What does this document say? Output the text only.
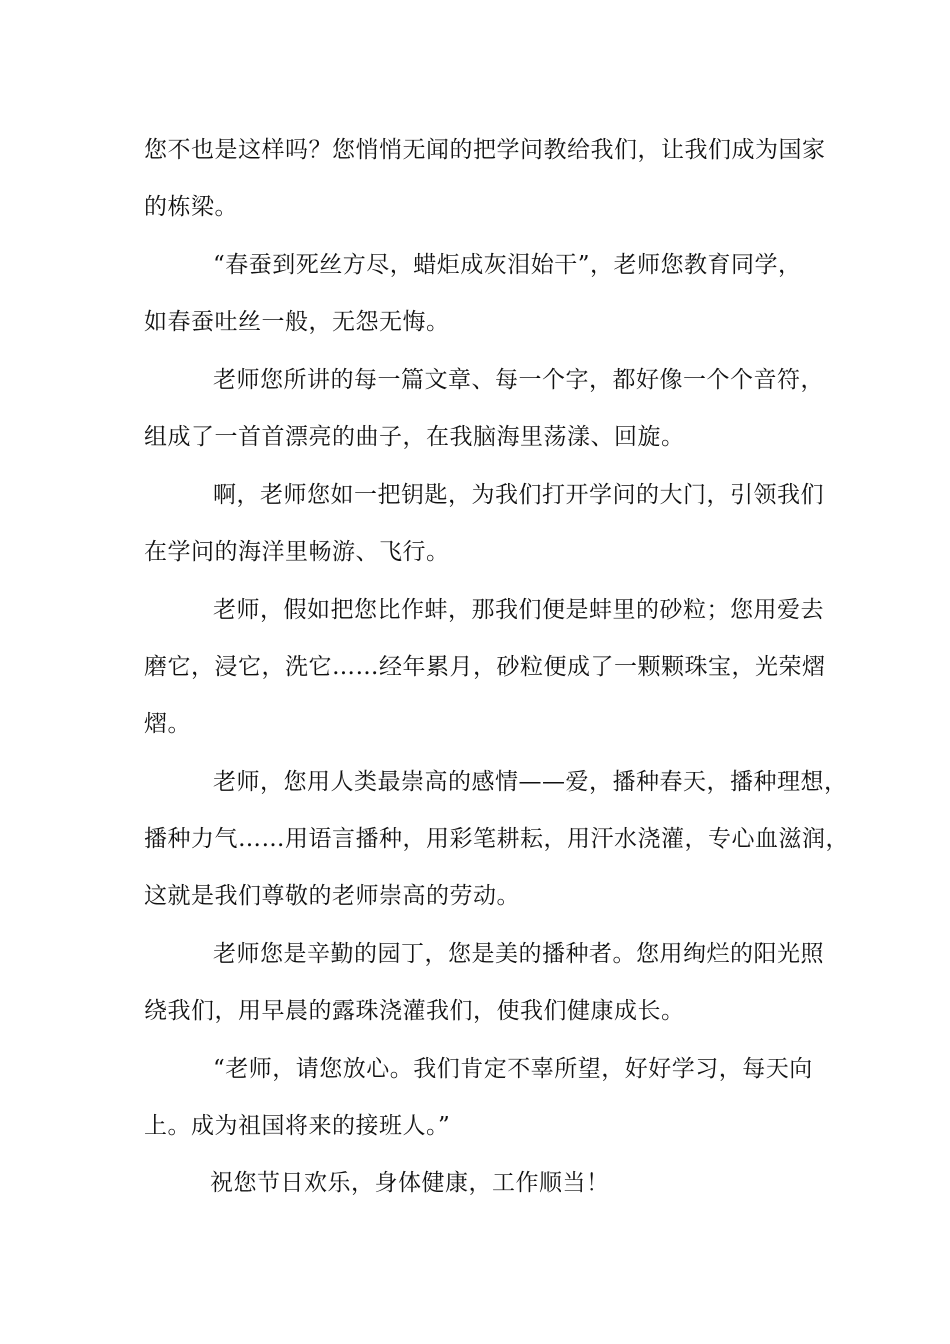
您不也是这样吗？您悄悄无闻的把学问教给我们，让我们成为国家
的栋梁。
“春蚕到死丝方尽，蜡炬成灰泪始干”，老师您教育同学，
如春蚕吐丝一般，无怨无悔。
老师您所讲的每一篇文章、每一个字，都好像一个个音符，
组成了一首首漂亮的曲子，在我脑海里荡漾、回旋。
啊，老师您如一把钥匙，为我们打开学问的大门，引领我们
在学问的海洋里畅游、飞行。
老师，假如把您比作蚌，那我们便是蚌里的砂粒；您用爱去
磨它，浸它，洗它……经年累月，砂粒便成了一颗颗珠宝，光荣熠
熠。
老师，您用人类最崇高的感情——爱，播种春天，播种理想，
播种力气……用语言播种，用彩笔耕耘，用汗水浇灌，专心血滋润，
这就是我们尊敬的老师崇高的劳动。
老师您是辛勤的园丁，您是美的播种者。您用绚烂的阳光照
绕我们，用早晨的露珠浇灌我们，使我们健康成长。
“老师，请您放心。我们肯定不辜所望，好好学习，每天向
上。成为祖国将来的接班人。”
祝您节日欢乐，身体健康，工作顺当！
